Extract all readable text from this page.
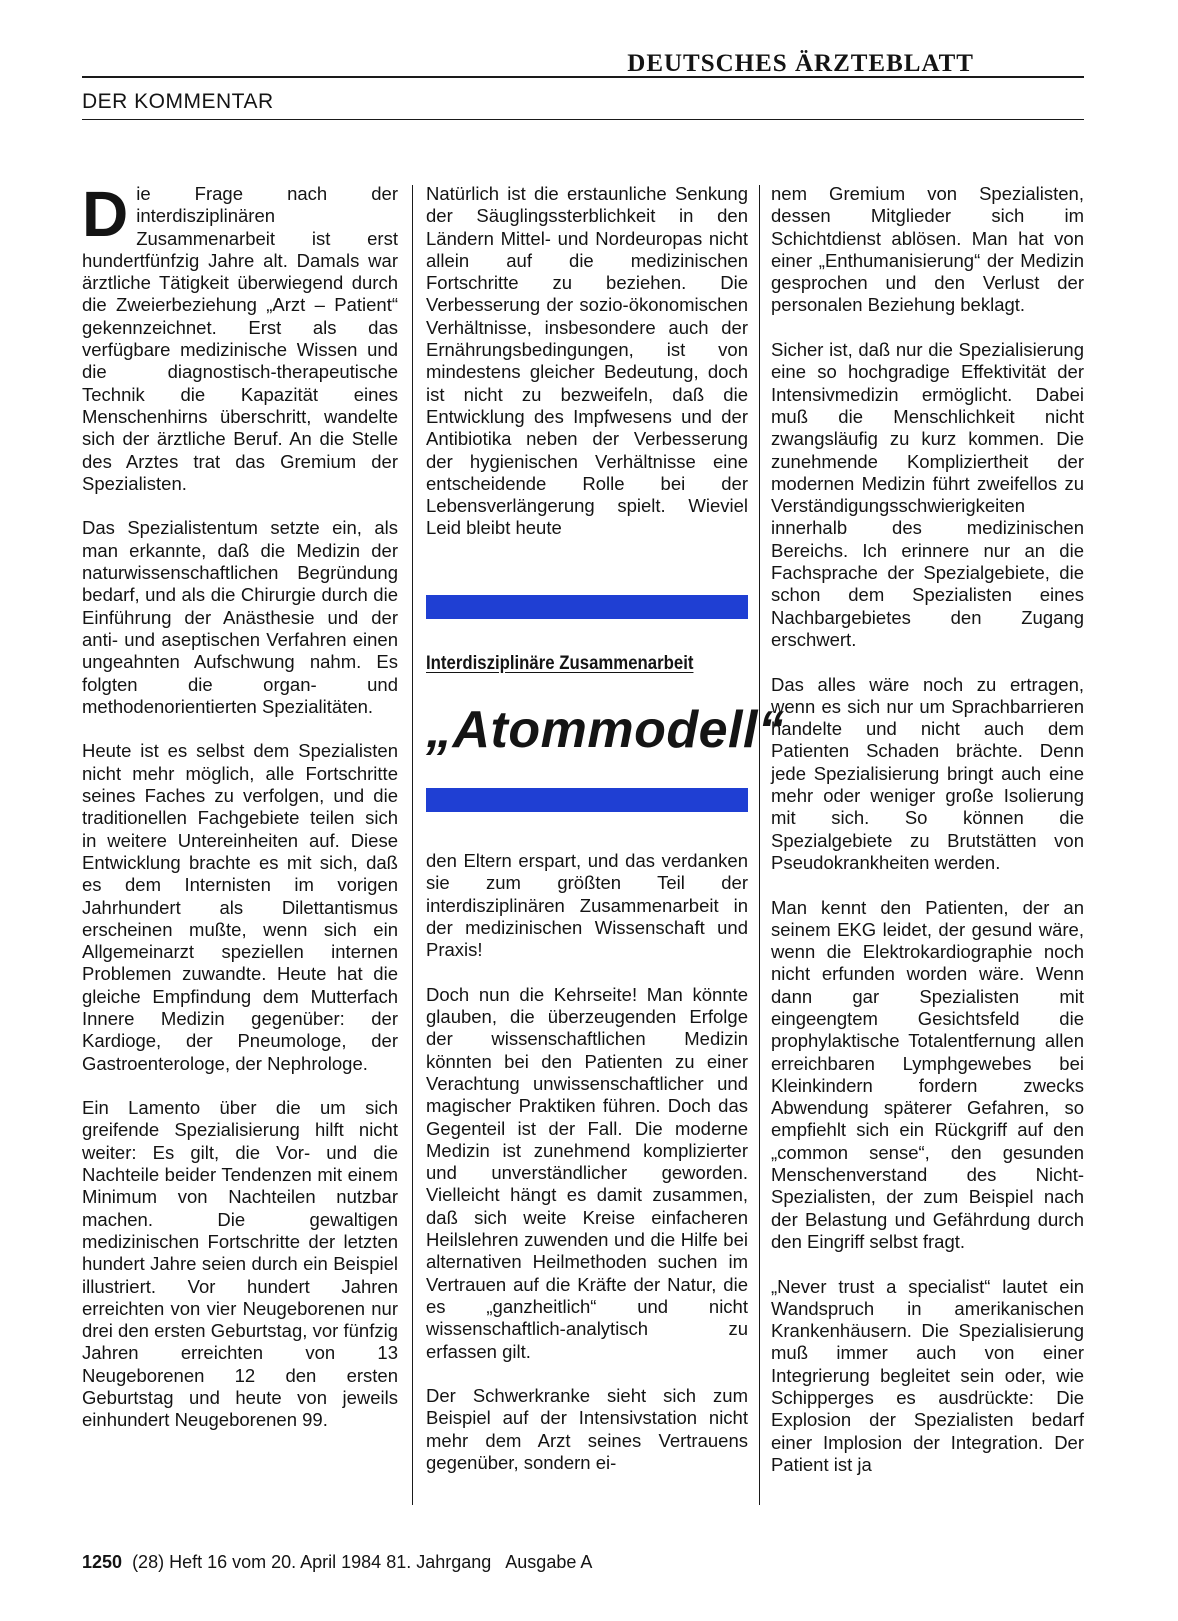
DEUTSCHES ÄRZTEBLATT
DER KOMMENTAR

Die Frage nach der interdisziplinären Zusammenarbeit ist erst hundertfünfzig Jahre alt. Damals war ärztliche Tätigkeit überwiegend durch die Zweierbeziehung „Arzt – Patient“ gekennzeichnet. Erst als das verfügbare medizinische Wissen und die diagnostisch-therapeutische Technik die Kapazität eines Menschenhirns überschritt, wandelte sich der ärztliche Beruf. An die Stelle des Arztes trat das Gremium der Spezialisten.

Das Spezialistentum setzte ein, als man erkannte, daß die Medizin der naturwissenschaftlichen Begründung bedarf, und als die Chirurgie durch die Einführung der Anästhesie und der anti- und aseptischen Verfahren einen ungeahnten Aufschwung nahm. Es folgten die organ- und methodenorientierten Spezialitäten.

Heute ist es selbst dem Spezialisten nicht mehr möglich, alle Fortschritte seines Faches zu verfolgen, und die traditionellen Fachgebiete teilen sich in weitere Untereinheiten auf. Diese Entwicklung brachte es mit sich, daß es dem Internisten im vorigen Jahrhundert als Dilettantismus erscheinen mußte, wenn sich ein Allgemeinarzt speziellen internen Problemen zuwandte. Heute hat die gleiche Empfindung dem Mutterfach Innere Medizin gegenüber: der Kardioge, der Pneumologe, der Gastroenterologe, der Nephrologe.

Ein Lamento über die um sich greifende Spezialisierung hilft nicht weiter: Es gilt, die Vor- und die Nachteile beider Tendenzen mit einem Minimum von Nachteilen nutzbar machen. Die gewaltigen medizinischen Fortschritte der letzten hundert Jahre seien durch ein Beispiel illustriert. Vor hundert Jahren erreichten von vier Neugeborenen nur drei den ersten Geburtstag, vor fünfzig Jahren erreichten von 13 Neugeborenen 12 den ersten Geburtstag und heute von jeweils einhundert Neugeborenen 99.

Natürlich ist die erstaunliche Senkung der Säuglingssterblichkeit in den Ländern Mittel- und Nordeuropas nicht allein auf die medizinischen Fortschritte zu beziehen. Die Verbesserung der sozio-ökonomischen Verhältnisse, insbesondere auch der Ernährungsbedingungen, ist von mindestens gleicher Bedeutung, doch ist nicht zu bezweifeln, daß die Entwicklung des Impfwesens und der Antibiotika neben der Verbesserung der hygienischen Verhältnisse eine entscheidende Rolle bei der Lebensverlängerung spielt. Wieviel Leid bleibt heute

Interdisziplinäre Zusammenarbeit
„Atommodell“

den Eltern erspart, und das verdanken sie zum größten Teil der interdisziplinären Zusammenarbeit in der medizinischen Wissenschaft und Praxis!

Doch nun die Kehrseite! Man könnte glauben, die überzeugenden Erfolge der wissenschaftlichen Medizin könnten bei den Patienten zu einer Verachtung unwissenschaftlicher und magischer Praktiken führen. Doch das Gegenteil ist der Fall. Die moderne Medizin ist zunehmend komplizierter und unverständlicher geworden. Vielleicht hängt es damit zusammen, daß sich weite Kreise einfacheren Heilslehren zuwenden und die Hilfe bei alternativen Heilmethoden suchen im Vertrauen auf die Kräfte der Natur, die es „ganzheitlich“ und nicht wissenschaftlich-analytisch zu erfassen gilt.

Der Schwerkranke sieht sich zum Beispiel auf der Intensivstation nicht mehr dem Arzt seines Vertrauens gegenüber, sondern ei-

nem Gremium von Spezialisten, dessen Mitglieder sich im Schichtdienst ablösen. Man hat von einer „Enthumanisierung“ der Medizin gesprochen und den Verlust der personalen Beziehung beklagt.

Sicher ist, daß nur die Spezialisierung eine so hochgradige Effektivität der Intensivmedizin ermöglicht. Dabei muß die Menschlichkeit nicht zwangsläufig zu kurz kommen. Die zunehmende Kompliziertheit der modernen Medizin führt zweifellos zu Verständigungsschwierigkeiten innerhalb des medizinischen Bereichs. Ich erinnere nur an die Fachsprache der Spezialgebiete, die schon dem Spezialisten eines Nachbargebietes den Zugang erschwert.

Das alles wäre noch zu ertragen, wenn es sich nur um Sprachbarrieren handelte und nicht auch dem Patienten Schaden brächte. Denn jede Spezialisierung bringt auch eine mehr oder weniger große Isolierung mit sich. So können die Spezialgebiete zu Brutstätten von Pseudokrankheiten werden.

Man kennt den Patienten, der an seinem EKG leidet, der gesund wäre, wenn die Elektrokardiographie noch nicht erfunden worden wäre. Wenn dann gar Spezialisten mit eingeengtem Gesichtsfeld die prophylaktische Totalentfernung allen erreichbaren Lymphgewebes bei Kleinkindern fordern zwecks Abwendung späterer Gefahren, so empfiehlt sich ein Rückgriff auf den „common sense“, den gesunden Menschenverstand des Nicht-Spezialisten, der zum Beispiel nach der Belastung und Gefährdung durch den Eingriff selbst fragt.

„Never trust a specialist“ lautet ein Wandspruch in amerikanischen Krankenhäusern. Die Spezialisierung muß immer auch von einer Integrierung begleitet sein oder, wie Schipperges es ausdrückte: Die Explosion der Spezialisten bedarf einer Implosion der Integration. Der Patient ist ja

1250 (28) Heft 16 vom 20. April 1984 81. Jahrgang   Ausgabe A
